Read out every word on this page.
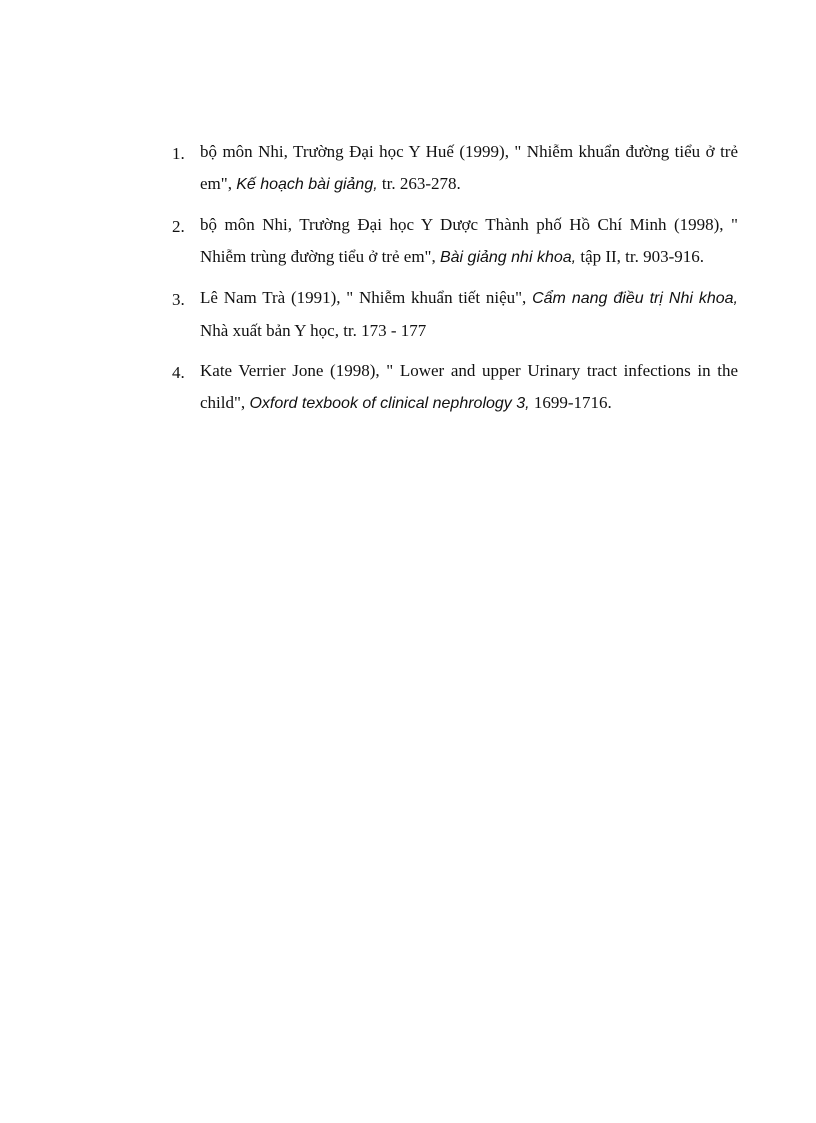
1. bộ môn Nhi, Trường Đại học Y Huế (1999), " Nhiễm khuẩn đường tiểu ở trẻ em", Kế hoạch bài giảng, tr. 263-278.
2. bộ môn Nhi, Trường Đại học Y Dược Thành phố Hồ Chí Minh (1998), " Nhiễm trùng đường tiểu ở trẻ em", Bài giảng nhi khoa, tập II, tr. 903-916.
3. Lê Nam Trà (1991), " Nhiễm khuẩn tiết niệu", Cẩm nang điều trị Nhi khoa, Nhà xuất bản Y học, tr. 173 - 177
4. Kate Verrier Jone (1998), " Lower and upper Urinary tract infections in the child", Oxford texbook of clinical nephrology 3, 1699-1716.
